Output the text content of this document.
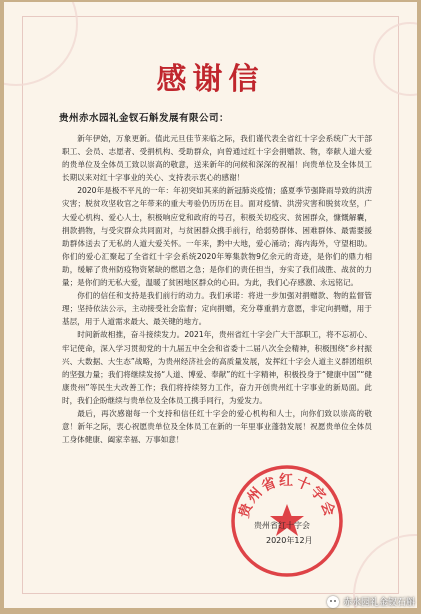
感谢信
贵州赤水园礼金钗石斛发展有限公司：

新年伊始，万象更新。值此元旦佳节来临之际，我们谨代表全省红十字会系统广大干部职工、会员、志愿者、受捐机构、受助群众，向曾通过红十字会捐赠款、物，奉献人道大爱的贵单位及全体员工致以崇高的敬意，送来新年的问候和深深的祝福！向贵单位及全体员工长期以来对红十字事业的关心、支持表示衷心的感谢！

2020年是极不平凡的一年：年初突如其来的新冠肺炎疫情；盛夏季节强降雨导致的洪涝灾害；脱贫攻坚收官之年带来的重大考验仍历历在目。面对疫情、洪涝灾害和脱贫攻坚，广大爱心机构、爱心人士，积极响应党和政府的号召，积极关切疫灾、贫困群众，慷慨解囊，捐款捐物，与受灾群众共同面对，与贫困群众携手前行，给弱势群体、困难群体、最需要援助群体送去了无私的人道大爱关怀。一年来，黔中大地，爱心涌动；海内海外，守望相助。你们的爱心汇聚起了全省红十字会系统2020年筹集款物9亿余元的奇迹，是你们的鼎力相助，缓解了贵州防疫物资紧缺的燃眉之急；是你们的责任担当，夯实了我们战胜、战贫的力量；是你们的无私大爱，温暖了贫困地区群众的心田。为此，我们心存感激、永远铭记。

你们的信任和支持是我们前行的动力。我们承诺：将进一步加强对捐赠款、物的监督管理；坚持依法公示，主动接受社会监督；定向捐赠，充分尊重捐方意愿，非定向捐赠，用于基层，用于人道需求最大、最关键的地方。

时间新故相推，奋斗接续发力。2021年，贵州省红十字会广大干部职工，将不忘初心、牢记使命，深入学习贯彻党的十九届五中全会和省委十二届八次全会精神，积极围绕“乡村振兴、大数据、大生态”战略，为贵州经济社会的高质量发展，发挥红十字会人道主义群团组织的坚强力量；我们将继续发扬“人道、博爱、奉献”的红十字精神，积极投身于“健康中国”“健康贵州”等民生大改善工作；我们将持续努力工作，奋力开创贵州红十字事业的新局面。此时，我们企盼继续与贵单位及全体员工携手同行，为爱发力。

最后，再次感谢每一个支持和信任红十字会的爱心机构和人士，向你们致以崇高的敬意！新年之际，衷心祝愿贵单位及全体员工在新的一年里事业蓬勃发展！祝愿贵单位全体员工身体健康、阖家幸福、万事如意！

贵州省红十字会
贵州省红十字会
2020年12月
赤水园礼金钗石斛
